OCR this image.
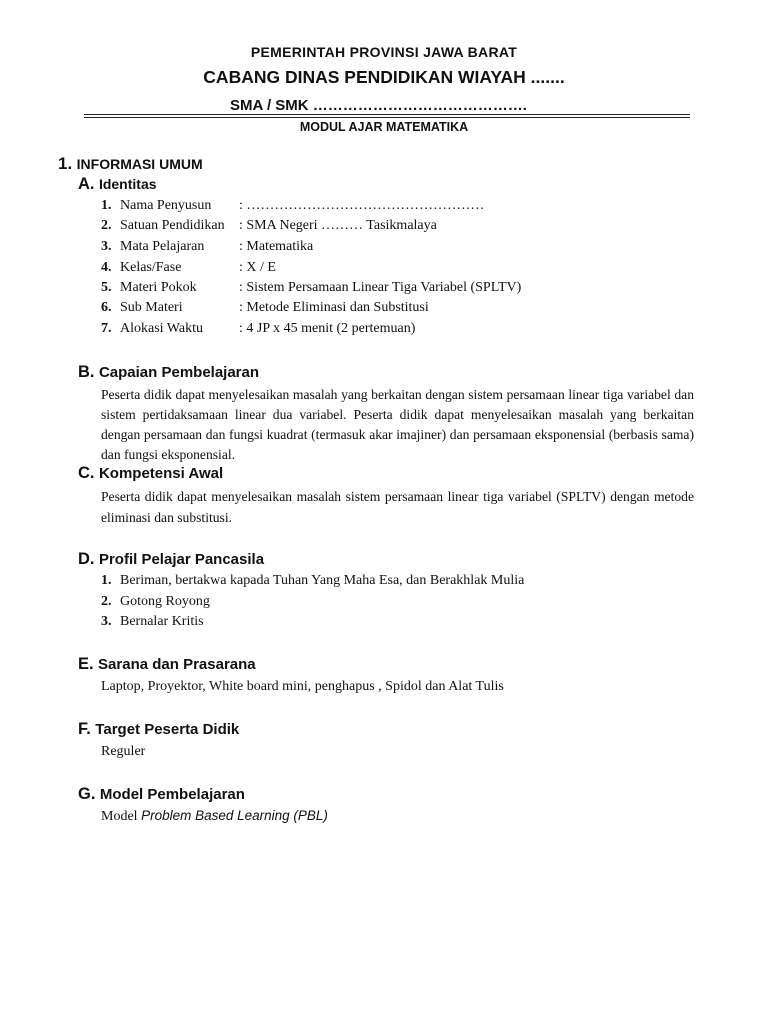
PEMERINTAH PROVINSI JAWA BARAT
CABANG DINAS PENDIDIKAN WIAYAH .......
SMA / SMK …………………………………….
MODUL AJAR MATEMATIKA
1. INFORMASI UMUM
A. Identitas
1. Nama Penyusun : ……………………………………………
2. Satuan Pendidikan : SMA Negeri ……… Tasikmalaya
3. Mata Pelajaran : Matematika
4. Kelas/Fase	: X / E
5. Materi Pokok	: Sistem Persamaan Linear Tiga Variabel (SPLTV)
6. Sub Materi	: Metode Eliminasi dan Substitusi
7. Alokasi Waktu	: 4 JP x 45 menit (2 pertemuan)
B. Capaian Pembelajaran
Peserta didik dapat menyelesaikan masalah yang berkaitan dengan sistem persamaan linear tiga variabel dan sistem pertidaksamaan linear dua variabel. Peserta didik dapat menyelesaikan masalah yang berkaitan dengan persamaan dan fungsi kuadrat (termasuk akar imajiner) dan persamaan eksponensial (berbasis sama) dan fungsi eksponensial.
C. Kompetensi Awal
Peserta didik dapat menyelesaikan masalah sistem persamaan linear tiga variabel (SPLTV) dengan metode eliminasi dan substitusi.
D. Profil Pelajar Pancasila
1. Beriman, bertakwa kapada Tuhan Yang Maha Esa, dan Berakhlak Mulia
2. Gotong Royong
3. Bernalar Kritis
E. Sarana dan Prasarana
Laptop, Proyektor, White board mini, penghapus , Spidol dan Alat Tulis
F. Target Peserta Didik
Reguler
G. Model Pembelajaran
Model Problem Based Learning (PBL)
